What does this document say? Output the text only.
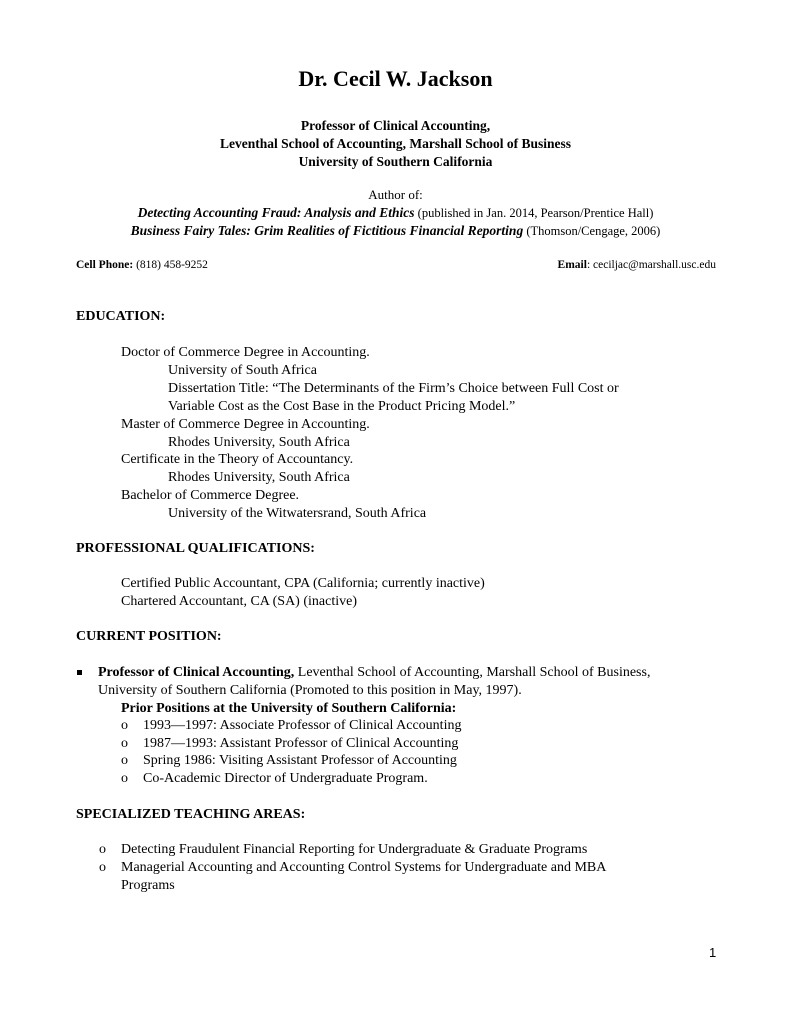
Dr. Cecil W. Jackson
Professor of Clinical Accounting,
Leventhal School of Accounting, Marshall School of Business
University of Southern California
Author of:
Detecting Accounting Fraud: Analysis and Ethics (published in Jan. 2014, Pearson/Prentice Hall)
Business Fairy Tales: Grim Realities of Fictitious Financial Reporting (Thomson/Cengage, 2006)
Cell Phone: (818) 458-9252	Email: ceciljac@marshall.usc.edu
EDUCATION:
Doctor of Commerce Degree in Accounting.
University of South Africa
Dissertation Title: “The Determinants of the Firm’s Choice between Full Cost or
Variable Cost as the Cost Base in the Product Pricing Model.”
Master of Commerce Degree in Accounting.
Rhodes University, South Africa
Certificate in the Theory of Accountancy.
Rhodes University, South Africa
Bachelor of Commerce Degree.
University of the Witwatersrand, South Africa
PROFESSIONAL QUALIFICATIONS:
Certified Public Accountant, CPA (California; currently inactive)
Chartered Accountant, CA (SA) (inactive)
CURRENT POSITION:
Professor of Clinical Accounting, Leventhal School of Accounting, Marshall School of Business,
University of Southern California (Promoted to this position in May, 1997).
Prior Positions at the University of Southern California:
o 1993—1997: Associate Professor of Clinical Accounting
o 1987—1993: Assistant Professor of Clinical Accounting
o Spring 1986: Visiting Assistant Professor of Accounting
o Co-Academic Director of Undergraduate Program.
SPECIALIZED TEACHING AREAS:
o Detecting Fraudulent Financial Reporting for Undergraduate & Graduate Programs
o Managerial Accounting and Accounting Control Systems for Undergraduate and MBA
Programs
1
